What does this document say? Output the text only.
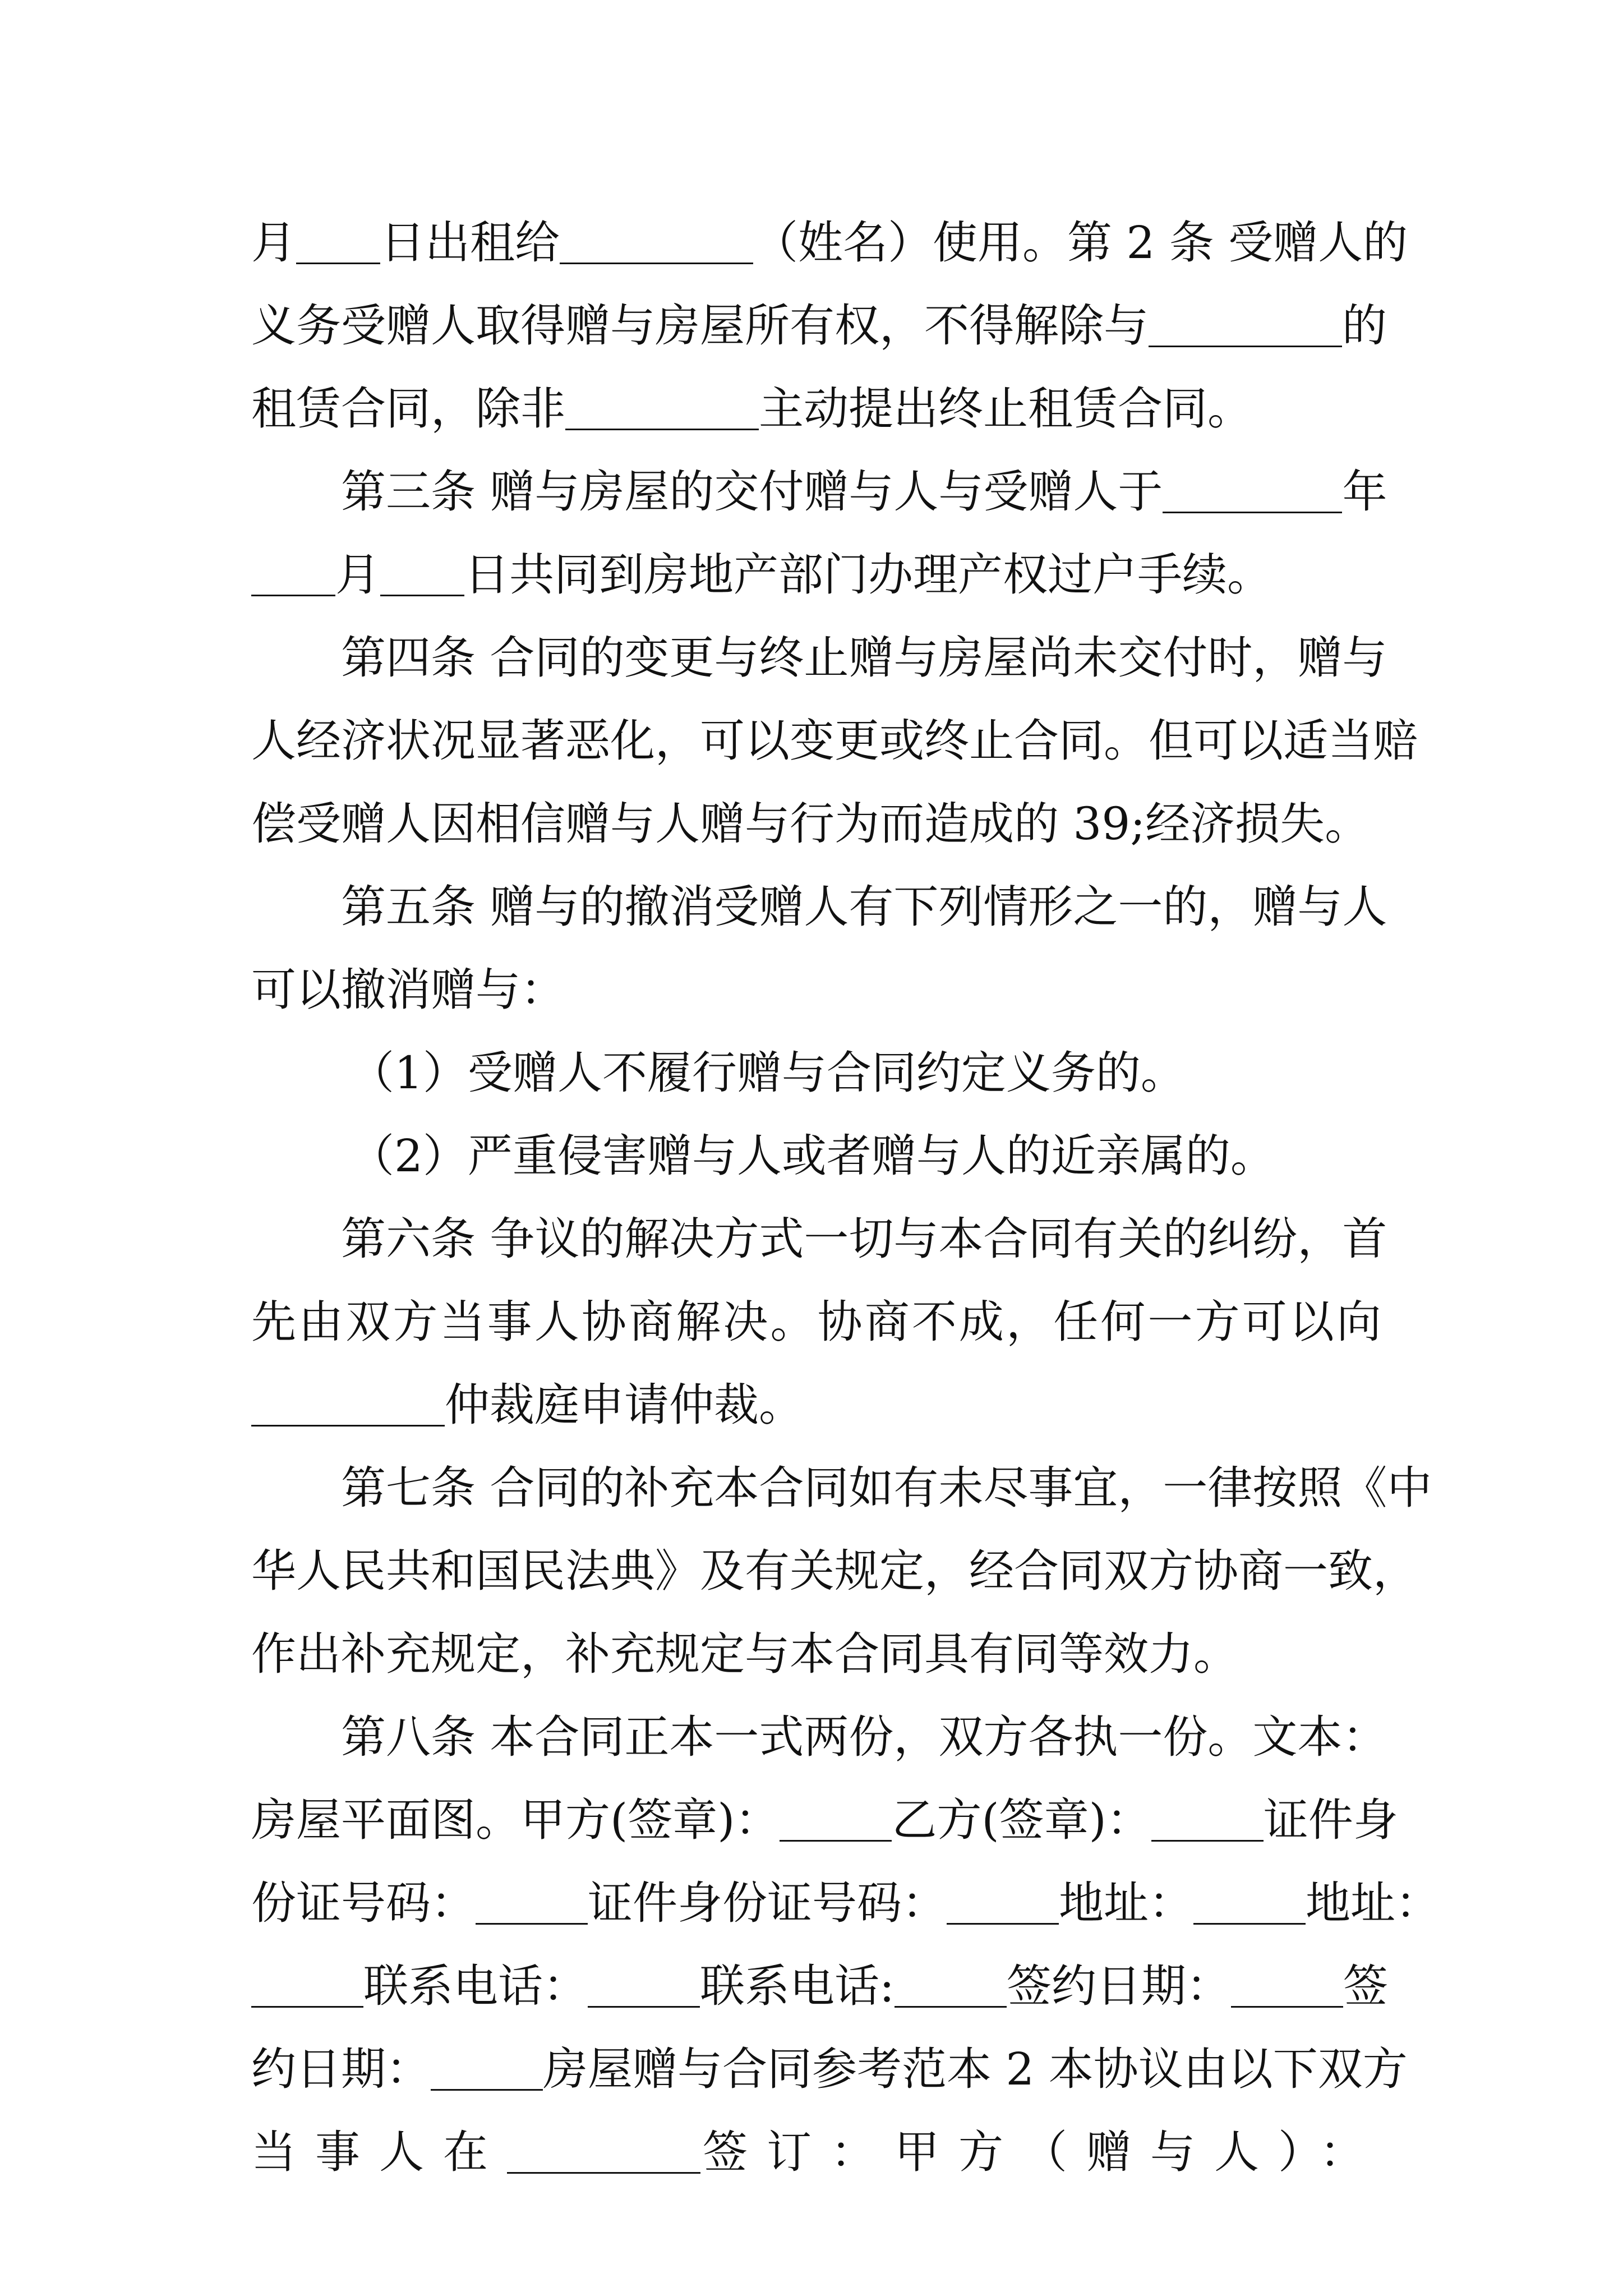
月 日出租给	（姓名）使用。第 2 条 受赠人的
义务受赠人取得赠与房屋所有权，不得解除与	的
租赁合同，除非	主动提出终止租赁合同。
第三条 赠与房屋的交付赠与人与受赠人于	年
月 日共同到房地产部门办理产权过户手续。
第四条 合同的变更与终止赠与房屋尚未交付时，赠与
人经济状况显著恶化，可以变更或终止合同。但可以适当赔
偿受赠人因相信赠与人赠与行为而造成的 39;经济损失。
第五条 赠与的撤消受赠人有下列情形之一的，赠与人
可以撤消赠与：
（1）受赠人不履行赠与合同约定义务的。
（2）严重侵害赠与人或者赠与人的近亲属的。
第六条 争议的解决方式一切与本合同有关的纠纷，首
先由双方当事人协商解决。协商不成，任何一方可以向
仲裁庭申请仲裁。
第七条 合同的补充本合同如有未尽事宜，一律按照《中
华人民共和国民法典》及有关规定，经合同双方协商一致，
作出补充规定，补充规定与本合同具有同等效力。
第八条 本合同正本一式两份，双方各执一份。文本：
房屋平面图。甲方(签章)：	乙方(签章)：	证件身
份证号码：	证件身份证号码：	地址：	地址：
联系电话：	联系电话:	签约日期：	签
约日期：	房屋赠与合同参考范本 2 本协议由以下双方
当事人在	签订：甲方（赠与人）：
